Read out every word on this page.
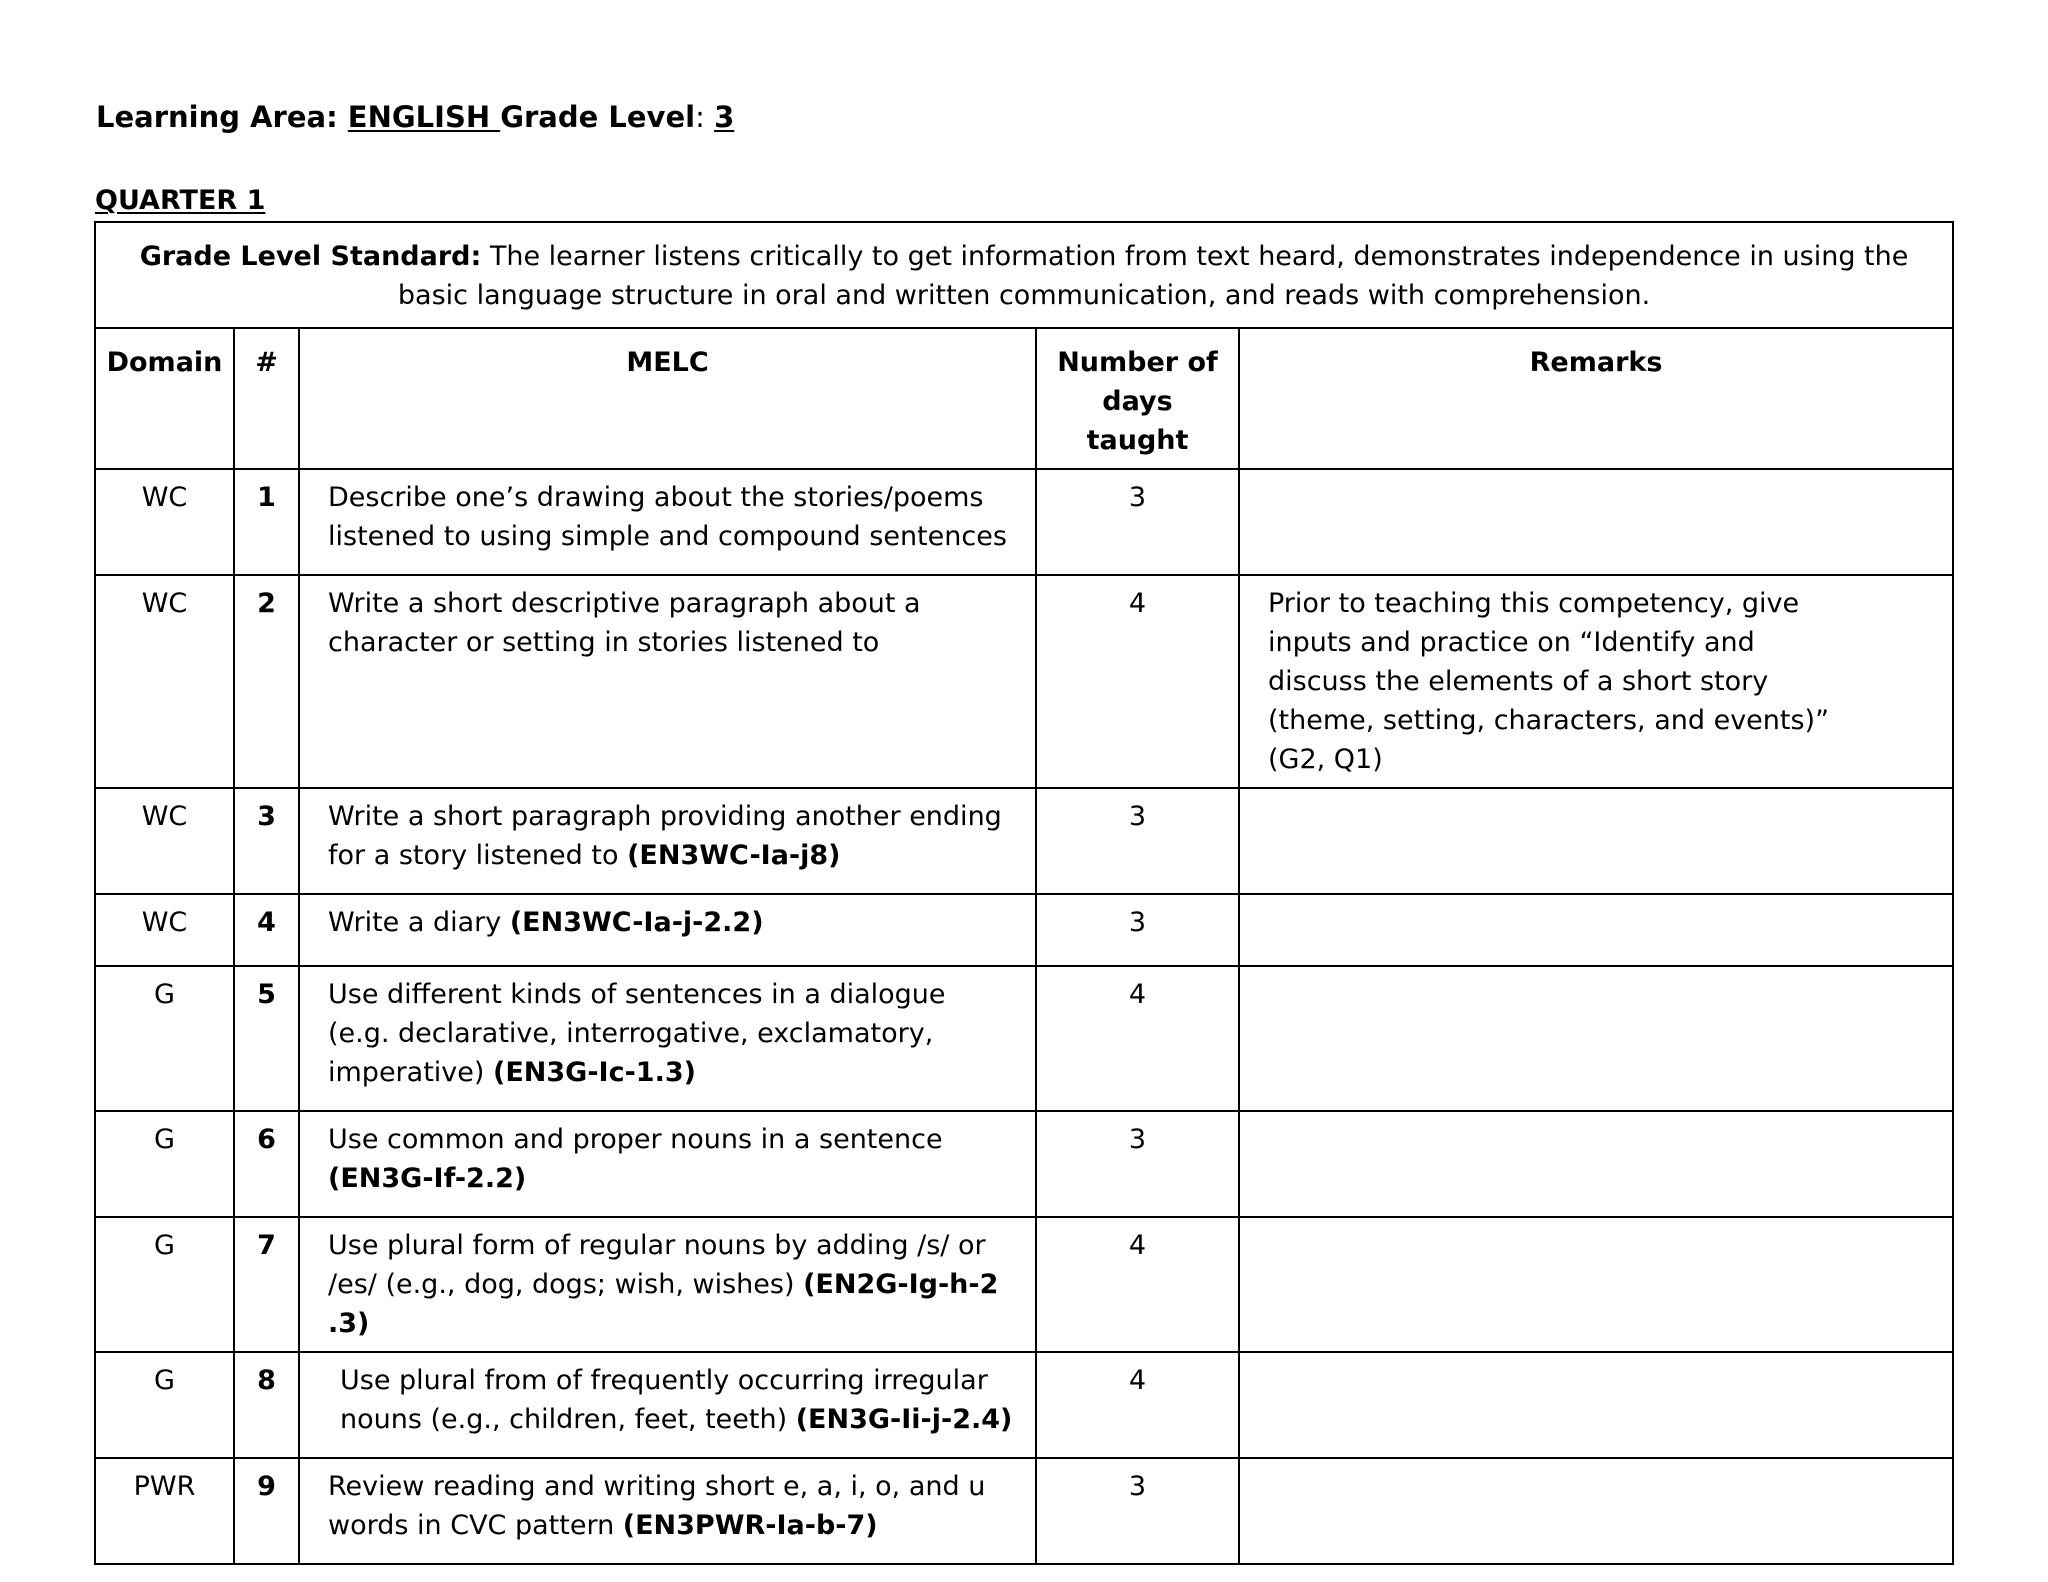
Learning Area: ENGLISH Grade Level: 3
QUARTER 1
Grade Level Standard: The learner listens critically to get information from text heard, demonstrates independence in using the basic language structure in oral and written communication, and reads with comprehension.				
Domain	#	MELC	Number of days taught	Remarks
WC	1	Describe one’s drawing about the stories/poems listened to using simple and compound sentences	3	
WC	2	Write a short descriptive paragraph about a character or setting in stories listened to	4	Prior to teaching this competency, give inputs and practice on “Identify and discuss the elements of a short story (theme, setting, characters, and events)” (G2, Q1)
WC	3	Write a short paragraph providing another ending for a story listened to (EN3WC-Ia-j8)	3	
WC	4	Write a diary (EN3WC-Ia-j-2.2)	3	
G	5	Use different kinds of sentences in a dialogue (e.g. declarative, interrogative, exclamatory, imperative) (EN3G-Ic-1.3)	4	
G	6	Use common and proper nouns in a sentence (EN3G-If-2.2)	3	
G	7	Use plural form of regular nouns by adding /s/ or /es/ (e.g., dog, dogs; wish, wishes) (EN2G-Ig-h-2 .3)	4	
G	8	Use plural from of frequently occurring irregular nouns (e.g., children, feet, teeth) (EN3G-Ii-j-2.4)	4	
PWR	9	Review reading and writing short e, a, i, o, and u words in CVC pattern (EN3PWR-Ia-b-7)	3	
